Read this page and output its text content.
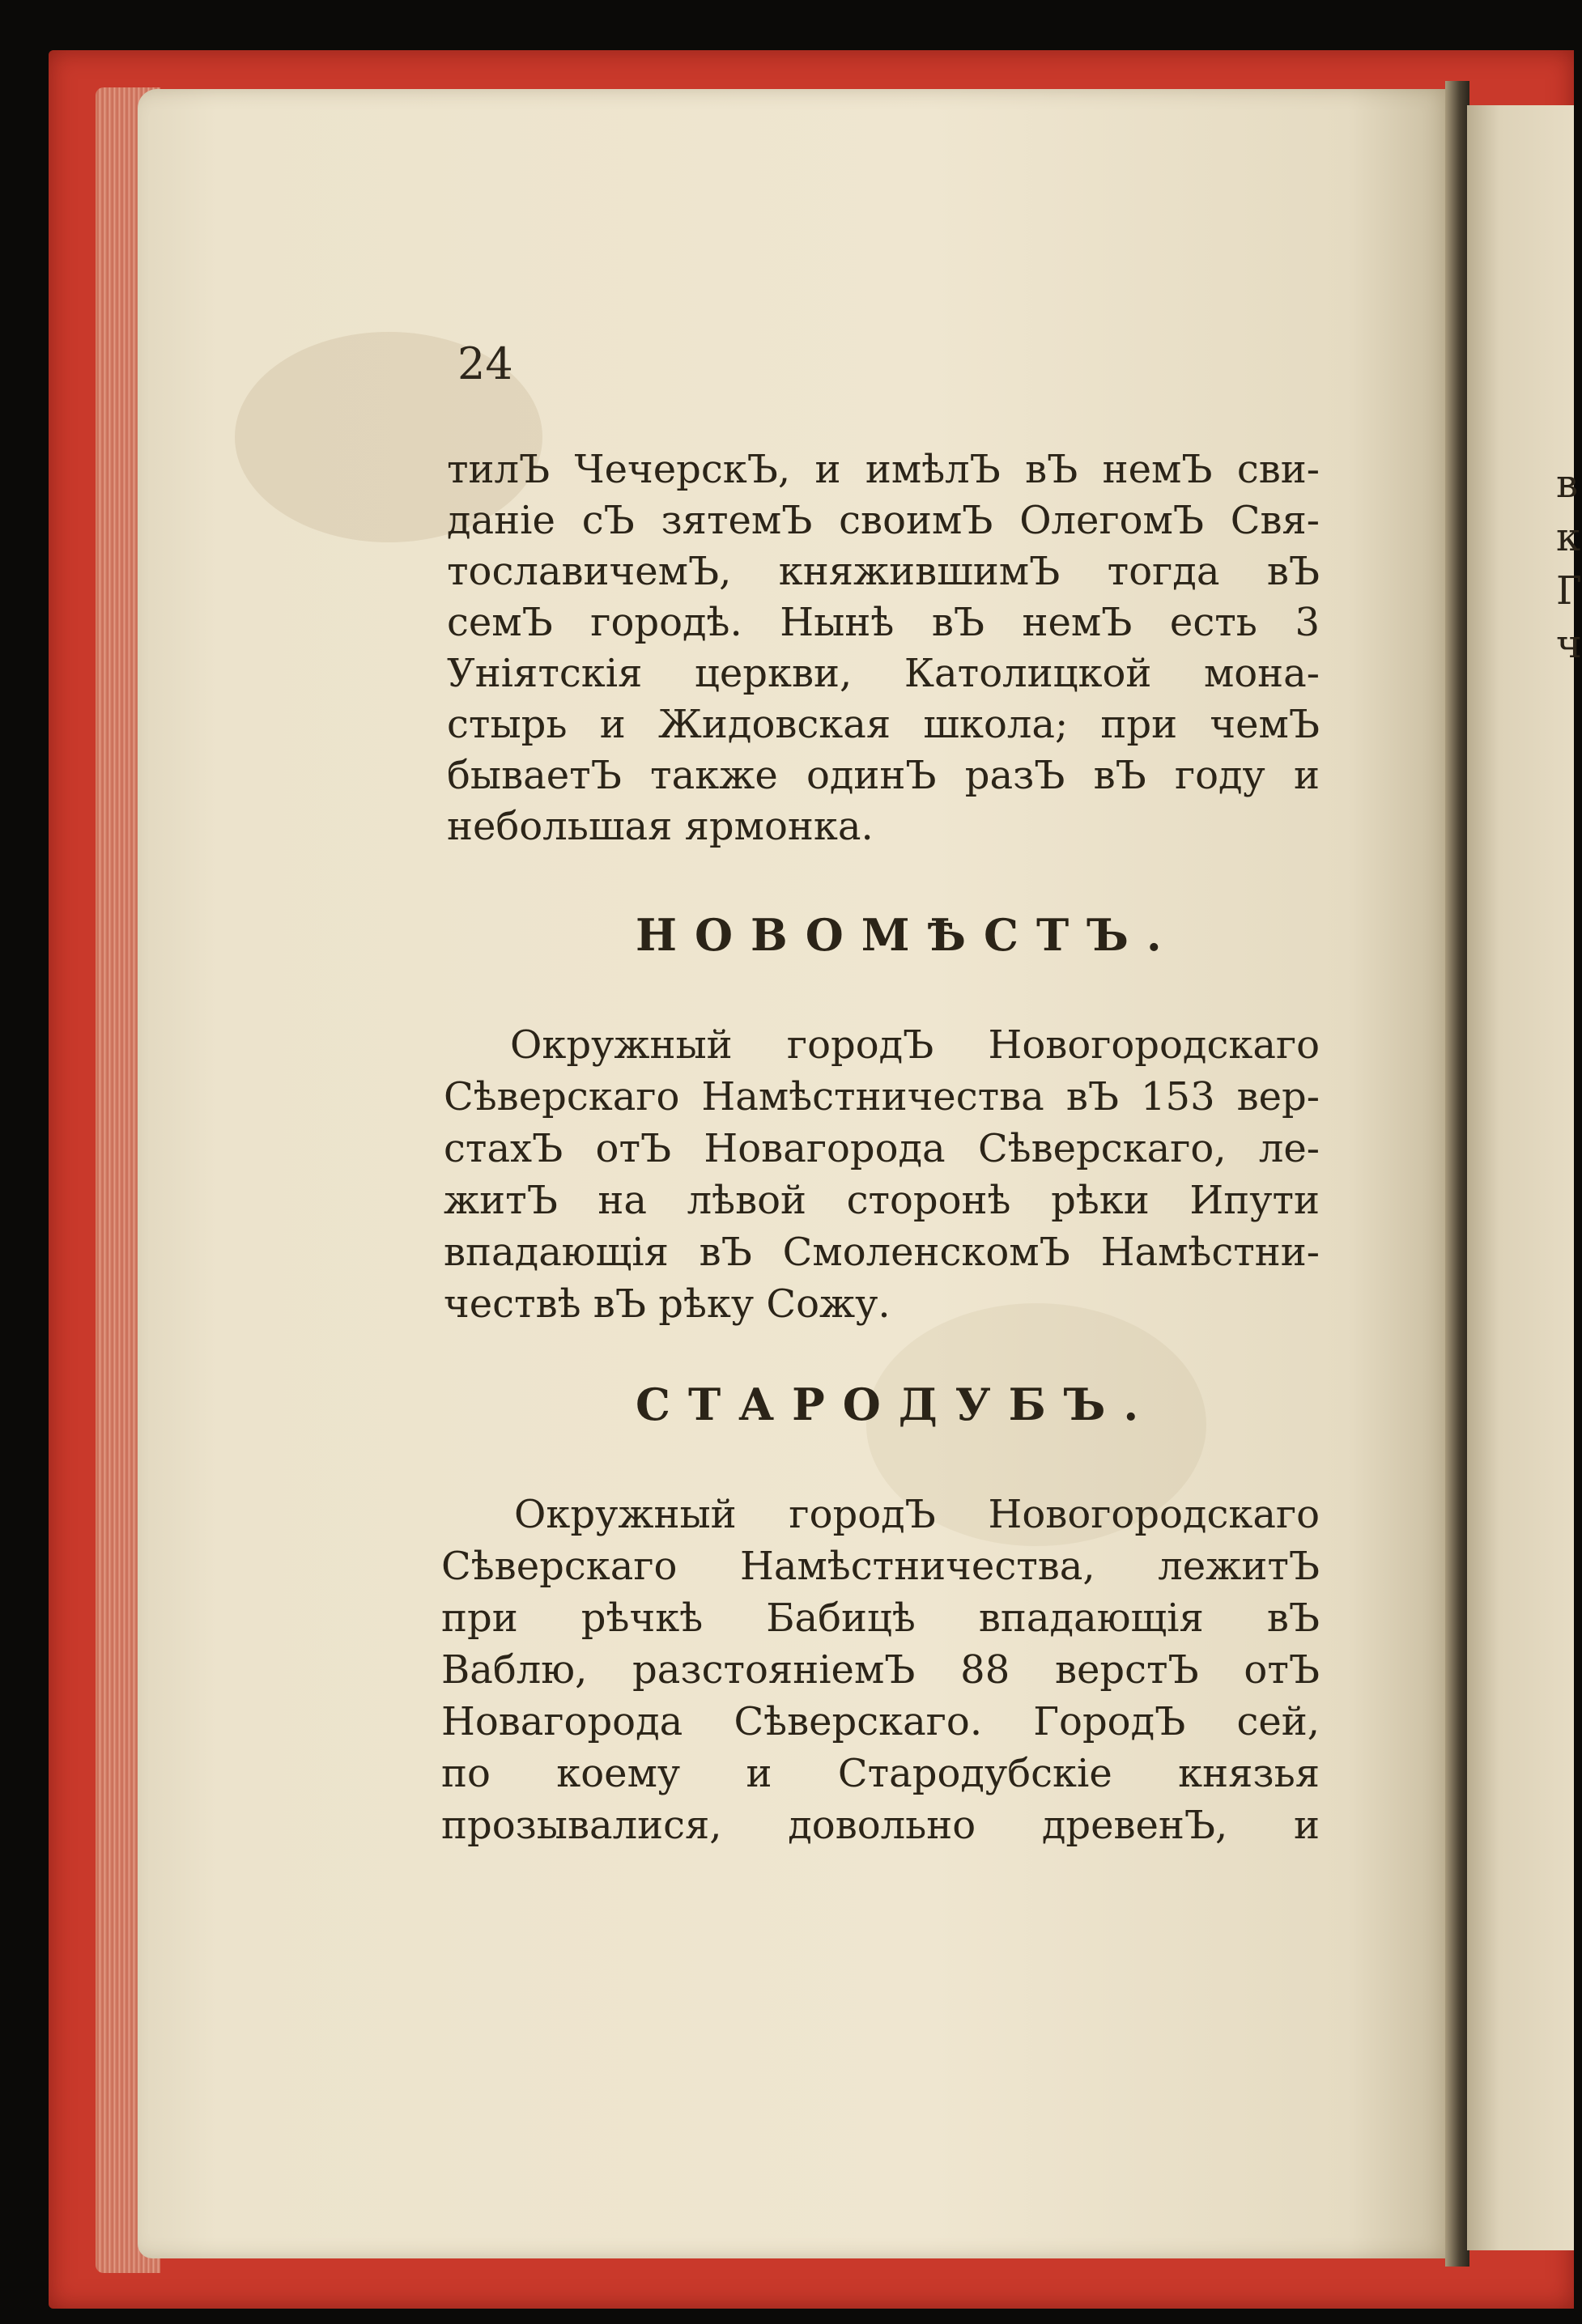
в
к
Г
ч
24
тилЪ ЧечерскЪ, и имѣлЪ вЪ немЪ сви-
даніе сЪ зятемЪ своимЪ ОлегомЪ Свя-
тославичемЪ, княжившимЪ тогда вЪ
семЪ городѣ. Нынѣ вЪ немЪ есть 3
Уніятскія церкви, Католицкой мона-
стырь и Жидовская школа; при чемЪ
бываетЪ также одинЪ разЪ вЪ году и
небольшая ярмонка.
НОВОМѢСТЪ.
Окружный городЪ Новогородскаго
Сѣверскаго Намѣстничества вЪ 153 вер-
стахЪ отЪ Новагорода Сѣверскаго, ле-
житЪ на лѣвой сторонѣ рѣки Ипути
впадающія вЪ СмоленскомЪ Намѣстни-
чествѣ вЪ рѣку Сожу.
СТАРОДУБЪ.
Окружный городЪ Новогородскаго
Сѣверскаго Намѣстничества, лежитЪ
при рѣчкѣ Бабицѣ впадающія вЪ
Ваблю, разстояніемЪ 88 верстЪ отЪ
Новагорода Сѣверскаго. ГородЪ сей,
по коему и Стародубскіе князья
прозывалися, довольно древенЪ, и
